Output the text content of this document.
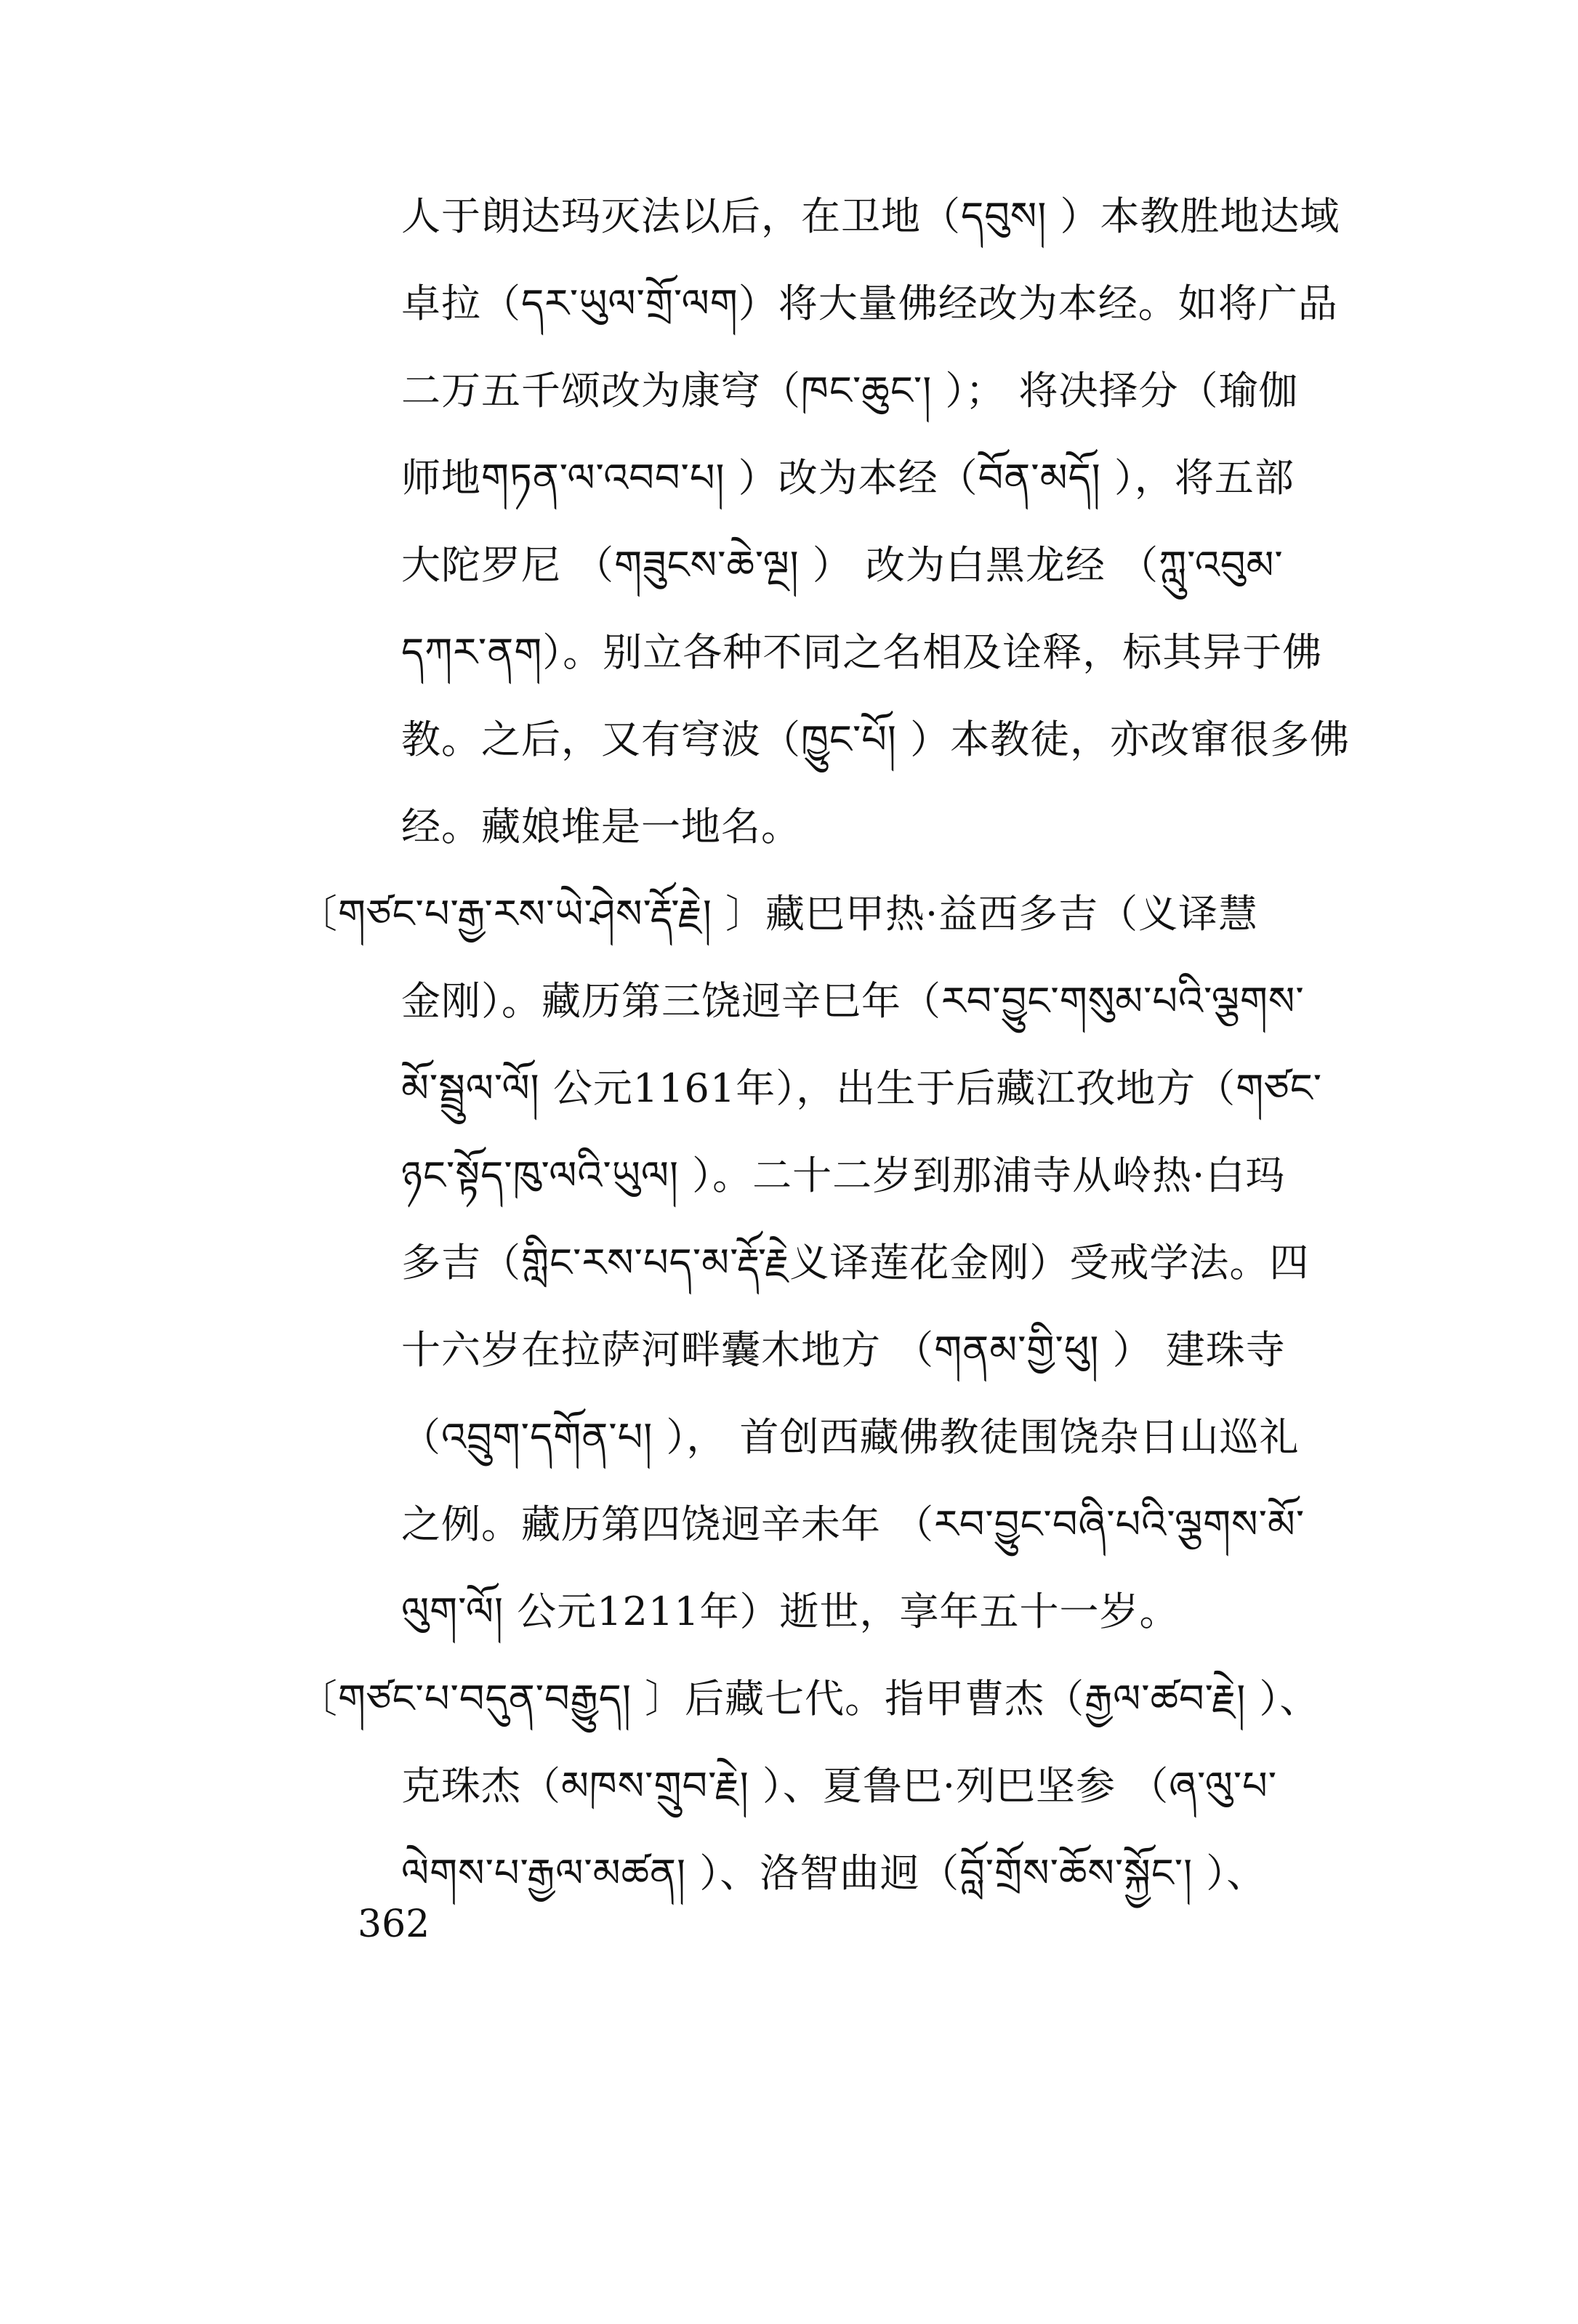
人于朗达玛灭法以后，在卫地（དབུས། ）本教胜地达域
卓拉（དར་ཡུལ་གྲོ་ལག）将大量佛经改为本经。如将广品
二万五千颂改为康穹（ཁང་ཆུང་། ）； 将决择分（瑜伽
师地གཏན་ལ་འབབ་པ། ）改为本经（བོན་མདོ། ），将五部
大陀罗尼 （གཟུངས་ཆེ་ལྔ། ） 改为白黑龙经 （ཀླུ་འབུམ་
དཀར་ནག）。别立各种不同之名相及诠释，标其异于佛
教。之后，又有穹波（ཁྱུང་པོ། ）本教徒，亦改窜很多佛
经。藏娘堆是一地名。
〔གཙང་པ་རྒྱ་རས་ཡེ་ཤེས་རྡོ་རྗེ། 〕藏巴甲热·益西多吉（义译慧
金刚）。藏历第三饶迥辛巳年（རབ་བྱུང་གསུམ་པའི་ལྕགས་
མོ་སྦྲུལ་ལོ། 公元1161年），出生于后藏江孜地方（གཙང་
ཉང་སྟོད་ཁུ་ལའི་ཡུལ། ）。二十二岁到那浦寺从岭热·白玛
多吉（གླིང་རས་པད་མ་རྡོ་རྗེ义译莲花金刚）受戒学法。四
十六岁在拉萨河畔囊木地方 （གནམ་གྱི་ཕུ། ） 建珠寺
（འབྲུག་དགོན་པ། ）， 首创西藏佛教徒围饶杂日山巡礼
之例。藏历第四饶迥辛未年 （རབ་བྱུང་བཞི་པའི་ལྕགས་མོ་
ལུག་ལོ། 公元1211年）逝世，享年五十一岁。
〔གཙང་པ་བདུན་བརྒྱུད། 〕后藏七代。指甲曹杰（རྒྱལ་ཚབ་རྗེ། ）、
克珠杰（མཁས་གྲུབ་རྗེ། ）、夏鲁巴·列巴坚参 （ཞ་ལུ་པ་
ལེགས་པ་རྒྱལ་མཚན། ）、洛智曲迥（བློ་གྲོས་ཆོས་སྐྱོང་། ）、
362
